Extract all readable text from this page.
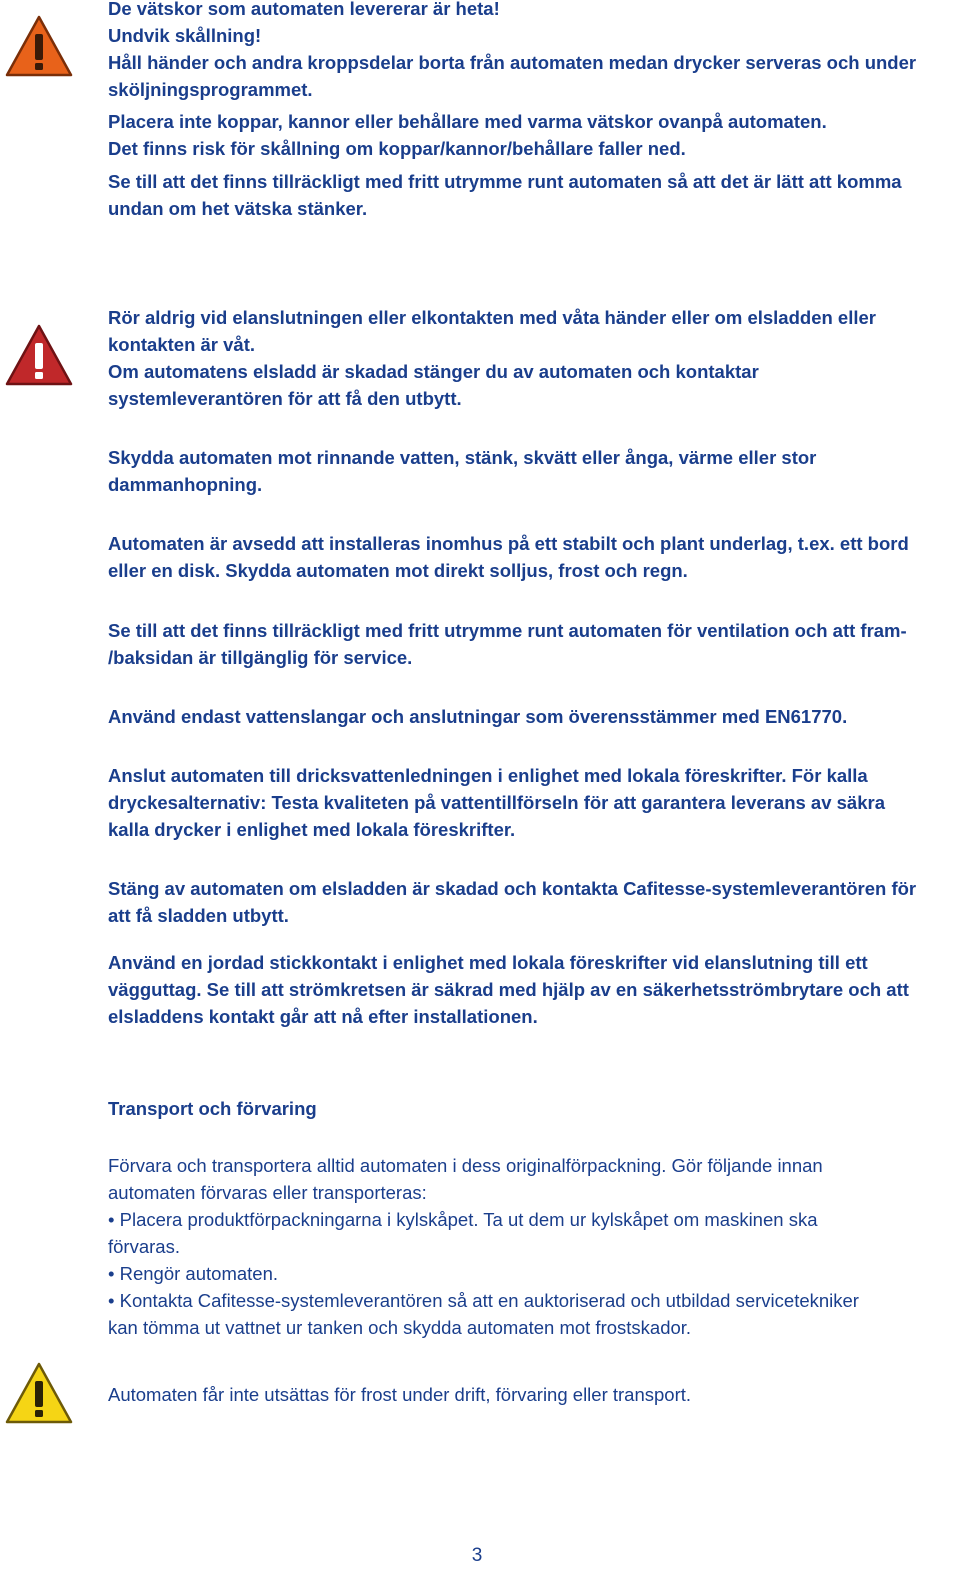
De vätskor som automaten levererar är heta!
Undvik skållning!
Håll händer och andra kroppsdelar borta från automaten medan drycker serveras och under
sköljningsprogrammet.
Placera inte koppar, kannor eller behållare med varma vätskor ovanpå automaten.
Det finns risk för skållning om koppar/kannor/behållare faller ned.
Se till att det finns tillräckligt med fritt utrymme runt automaten så att det är lätt att komma
undan om het vätska stänker.
Rör aldrig vid elanslutningen eller elkontakten med våta händer eller om elsladden eller
kontakten är våt.
Om automatens elsladd är skadad stänger du av automaten och kontaktar
systemleverantören för att få den utbytt.
Skydda automaten mot rinnande vatten, stänk, skvätt eller ånga, värme eller stor
dammanhopning.
Automaten är avsedd att installeras inomhus på ett stabilt och plant underlag, t.ex. ett bord
eller en disk. Skydda automaten mot direkt solljus, frost och regn.
Se till att det finns tillräckligt med fritt utrymme runt automaten för ventilation och att fram-
/baksidan är tillgänglig för service.
Använd endast vattenslangar och anslutningar som överensstämmer med EN61770.
Anslut automaten till dricksvattenledningen i enlighet med lokala föreskrifter. För kalla
dryckesalternativ: Testa kvaliteten på vattentillförseln för att garantera leverans av säkra
kalla drycker i enlighet med lokala föreskrifter.
Stäng av automaten om elsladden är skadad och kontakta Cafitesse-systemleverantören för
att få sladden utbytt.
Använd en jordad stickkontakt i enlighet med lokala föreskrifter vid elanslutning till ett
vägguttag. Se till att strömkretsen är säkrad med hjälp av en säkerhetsströmbrytare och att
elsladdens kontakt går att nå efter installationen.
Transport och förvaring
Förvara och transportera alltid automaten i dess originalförpackning. Gör följande innan
automaten förvaras eller transporteras:
• Placera produktförpackningarna i kylskåpet. Ta ut dem ur kylskåpet om maskinen ska
förvaras.
• Rengör automaten.
• Kontakta Cafitesse-systemleverantören så att en auktoriserad och utbildad servicetekniker
kan tömma ut vattnet ur tanken och skydda automaten mot frostskador.
Automaten får inte utsättas för frost under drift, förvaring eller transport.
3
